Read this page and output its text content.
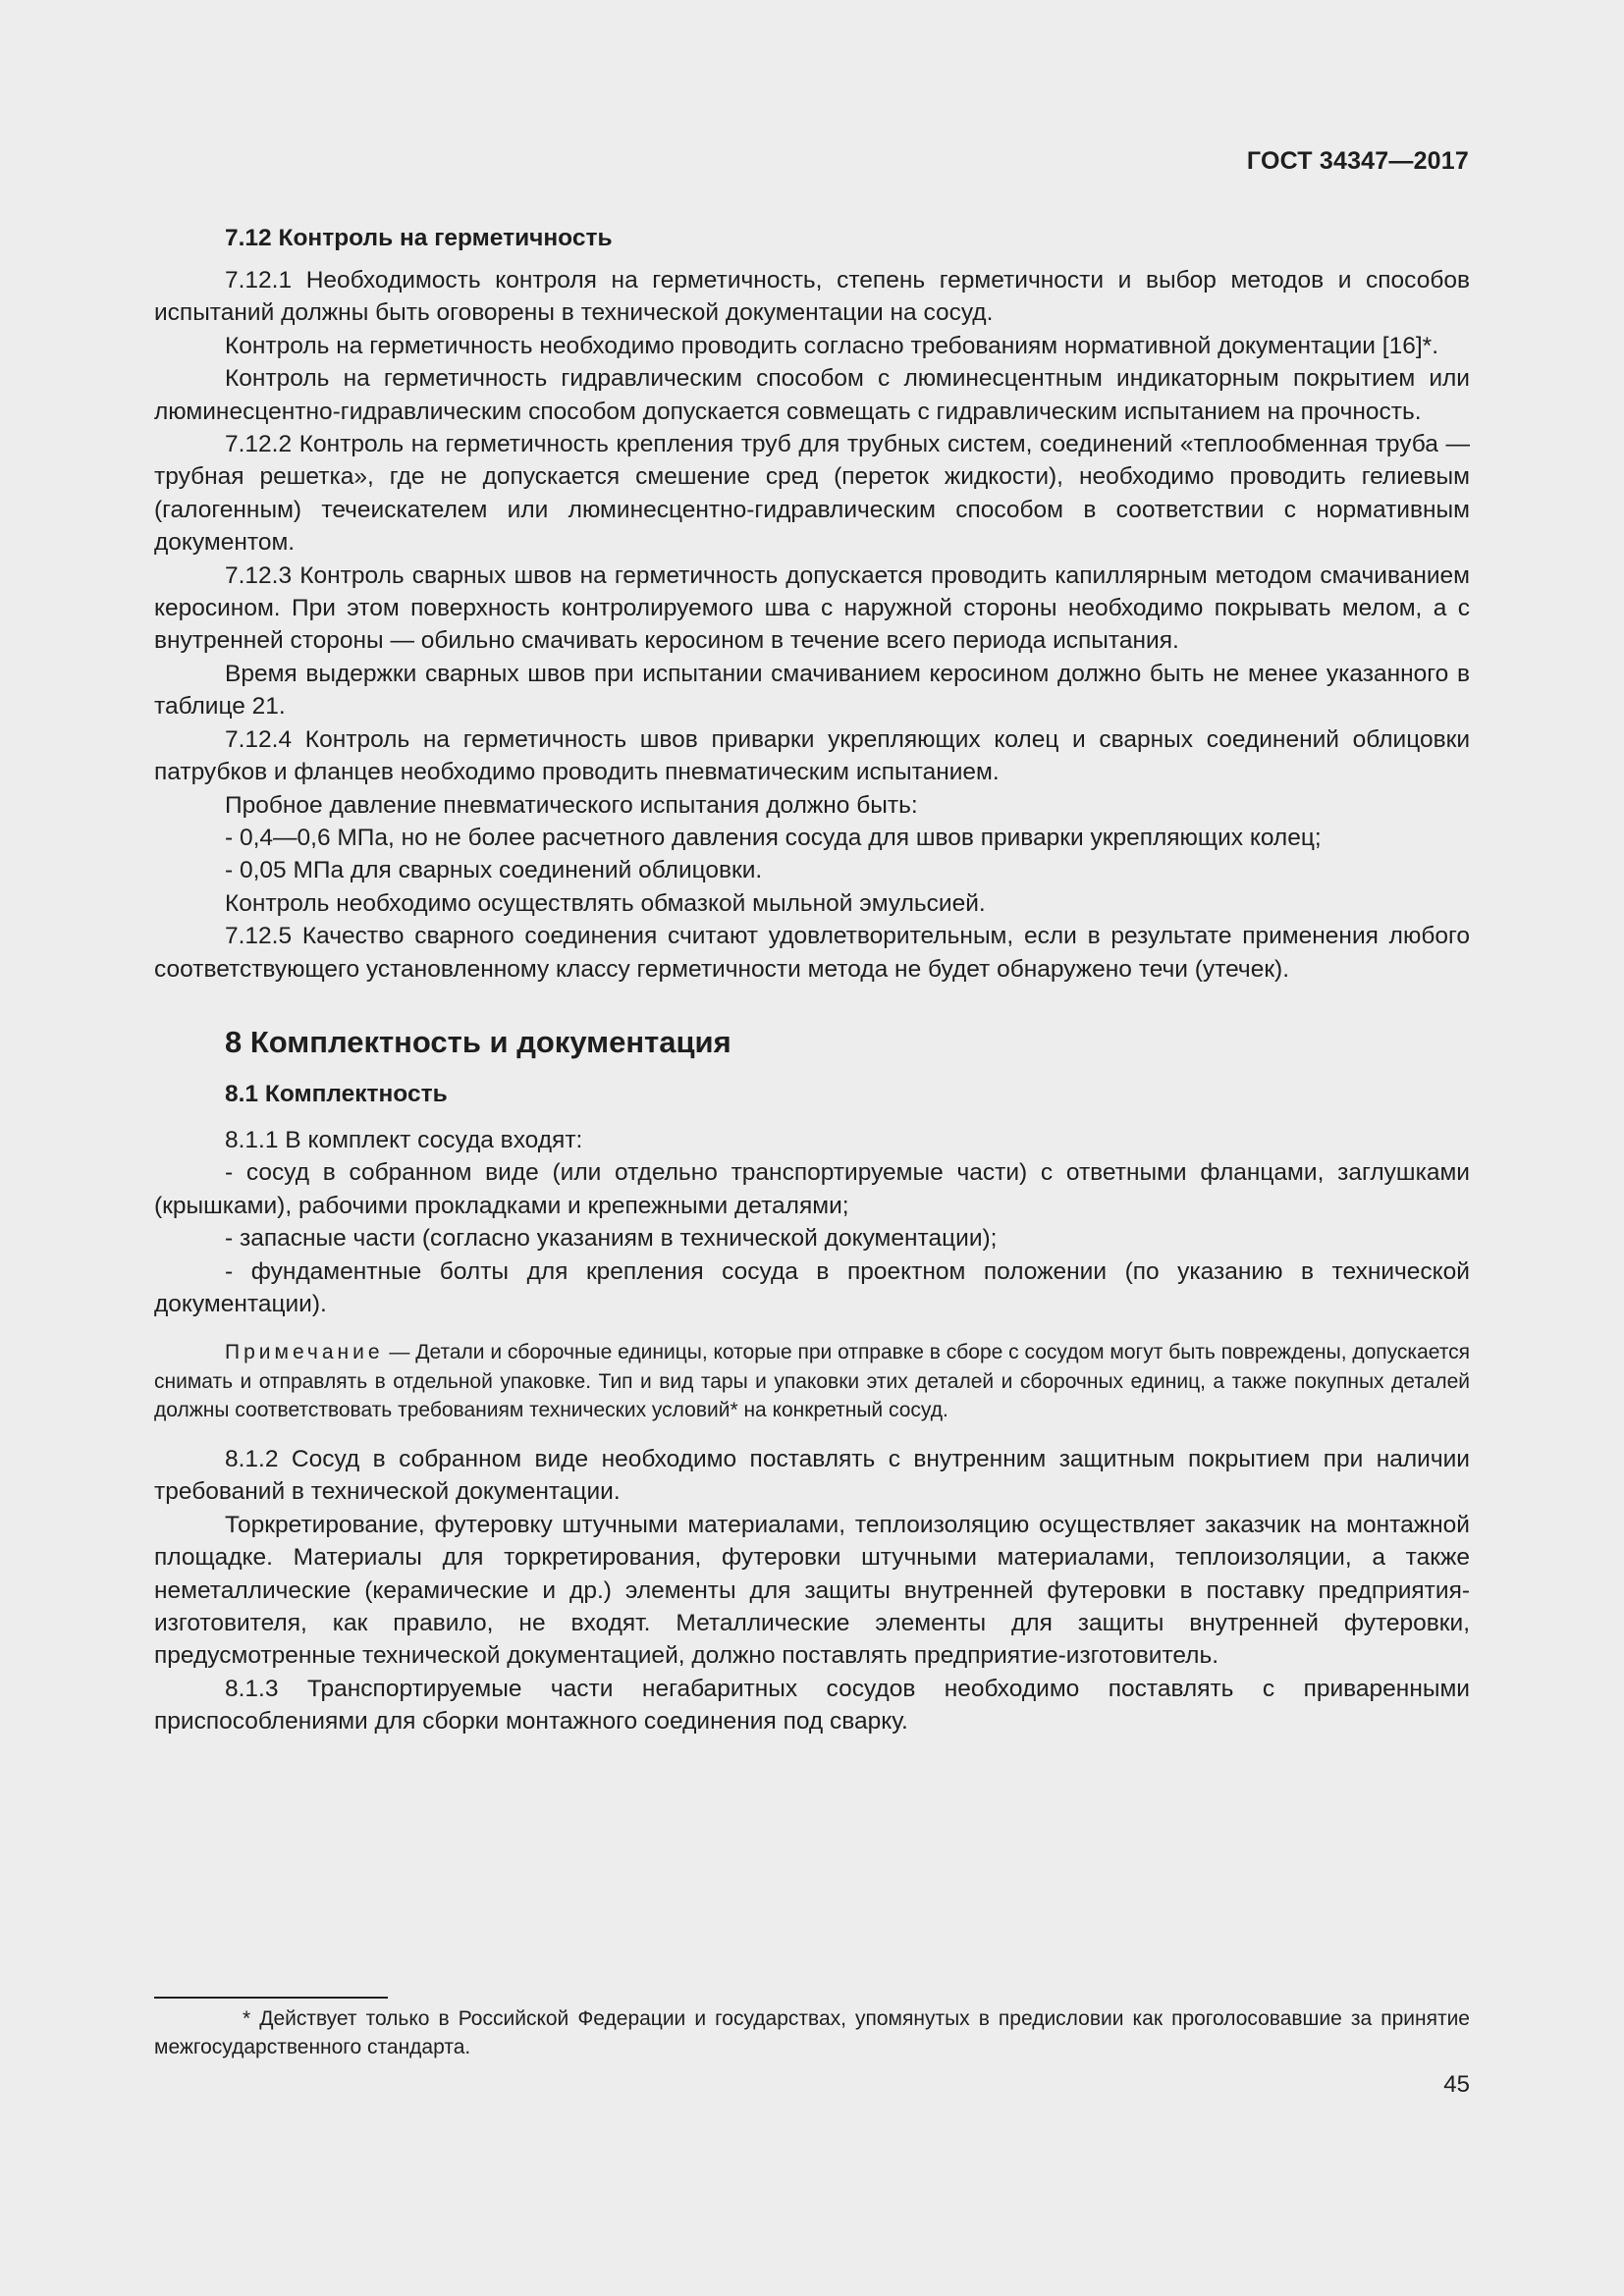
ГОСТ 34347—2017
7.12 Контроль на герметичность

7.12.1 Необходимость контроля на герметичность, степень герметичности и выбор методов и способов испытаний должны быть оговорены в технической документации на сосуд.

Контроль на герметичность необходимо проводить согласно требованиям нормативной документации [16]*.

Контроль на герметичность гидравлическим способом с люминесцентным индикаторным покрытием или люминесцентно-гидравлическим способом допускается совмещать с гидравлическим испытанием на прочность.

7.12.2 Контроль на герметичность крепления труб для трубных систем, соединений «теплообменная труба — трубная решетка», где не допускается смешение сред (переток жидкости), необходимо проводить гелиевым (галогенным) течеискателем или люминесцентно-гидравлическим способом в соответствии с нормативным документом.

7.12.3 Контроль сварных швов на герметичность допускается проводить капиллярным методом смачиванием керосином. При этом поверхность контролируемого шва с наружной стороны необходимо покрывать мелом, а с внутренней стороны — обильно смачивать керосином в течение всего периода испытания.

Время выдержки сварных швов при испытании смачиванием керосином должно быть не менее указанного в таблице 21.

7.12.4 Контроль на герметичность швов приварки укрепляющих колец и сварных соединений облицовки патрубков и фланцев необходимо проводить пневматическим испытанием.

Пробное давление пневматического испытания должно быть:

- 0,4—0,6 МПа, но не более расчетного давления сосуда для швов приварки укрепляющих колец;

- 0,05 МПа для сварных соединений облицовки.

Контроль необходимо осуществлять обмазкой мыльной эмульсией.

7.12.5 Качество сварного соединения считают удовлетворительным, если в результате применения любого соответствующего установленному классу герметичности метода не будет обнаружено течи (утечек).

8 Комплектность и документация
8.1 Комплектность

8.1.1 В комплект сосуда входят:

- сосуд в собранном виде (или отдельно транспортируемые части) с ответными фланцами, заглушками (крышками), рабочими прокладками и крепежными деталями;

- запасные части (согласно указаниям в технической документации);

- фундаментные болты для крепления сосуда в проектном положении (по указанию в технической документации).

Примечание — Детали и сборочные единицы, которые при отправке в сборе с сосудом могут быть повреждены, допускается снимать и отправлять в отдельной упаковке. Тип и вид тары и упаковки этих деталей и сборочных единиц, а также покупных деталей должны соответствовать требованиям технических условий* на конкретный сосуд.

8.1.2 Сосуд в собранном виде необходимо поставлять с внутренним защитным покрытием при наличии требований в технической документации.

Торкретирование, футеровку штучными материалами, теплоизоляцию осуществляет заказчик на монтажной площадке. Материалы для торкретирования, футеровки штучными материалами, теплоизоляции, а также неметаллические (керамические и др.) элементы для защиты внутренней футеровки в поставку предприятия-изготовителя, как правило, не входят. Металлические элементы для защиты внутренней футеровки, предусмотренные технической документацией, должно поставлять предприятие-изготовитель.

8.1.3 Транспортируемые части негабаритных сосудов необходимо поставлять с приваренными приспособлениями для сборки монтажного соединения под сварку.

* Действует только в Российской Федерации и государствах, упомянутых в предисловии как проголосовавшие за принятие межгосударственного стандарта.

45
